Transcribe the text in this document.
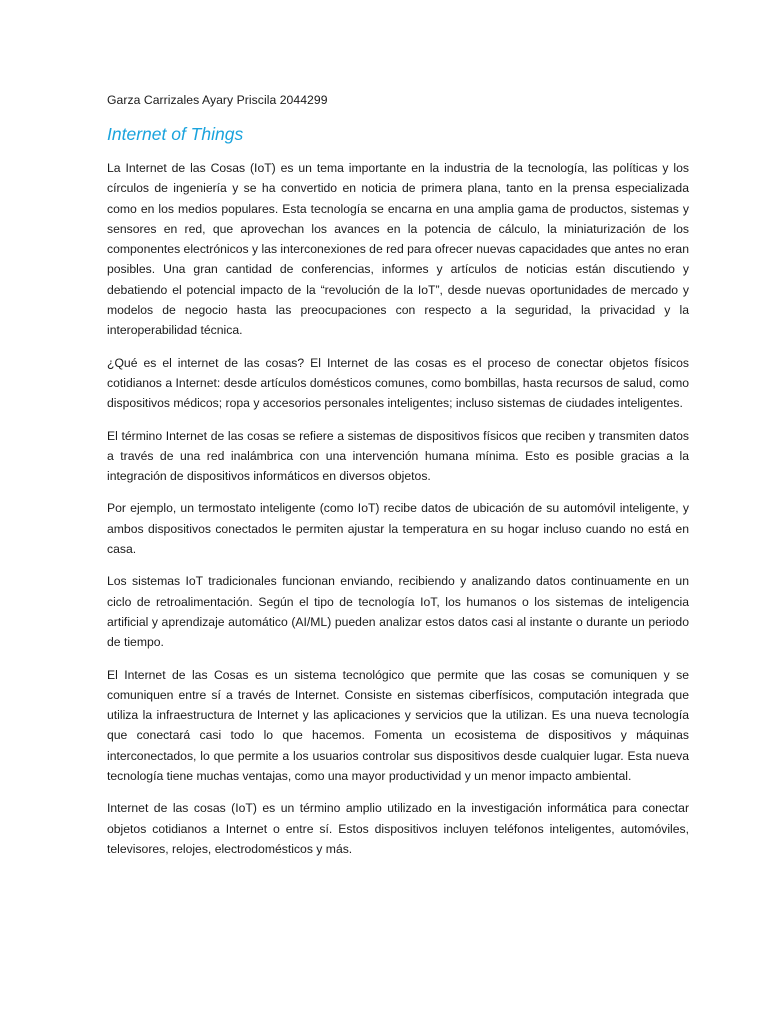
Garza Carrizales Ayary Priscila 2044299
Internet of Things

La Internet de las Cosas (IoT) es un tema importante en la industria de la tecnología, las políticas y los círculos de ingeniería y se ha convertido en noticia de primera plana, tanto en la prensa especializada como en los medios populares. Esta tecnología se encarna en una amplia gama de productos, sistemas y sensores en red, que aprovechan los avances en la potencia de cálculo, la miniaturización de los componentes electrónicos y las interconexiones de red para ofrecer nuevas capacidades que antes no eran posibles. Una gran cantidad de conferencias, informes y artículos de noticias están discutiendo y debatiendo el potencial impacto de la “revolución de la IoT”, desde nuevas oportunidades de mercado y modelos de negocio hasta las preocupaciones con respecto a la seguridad, la privacidad y la interoperabilidad técnica.

¿Qué es el internet de las cosas? El Internet de las cosas es el proceso de conectar objetos físicos cotidianos a Internet: desde artículos domésticos comunes, como bombillas, hasta recursos de salud, como dispositivos médicos; ropa y accesorios personales inteligentes; incluso sistemas de ciudades inteligentes.

El término Internet de las cosas se refiere a sistemas de dispositivos físicos que reciben y transmiten datos a través de una red inalámbrica con una intervención humana mínima. Esto es posible gracias a la integración de dispositivos informáticos en diversos objetos.

Por ejemplo, un termostato inteligente (como IoT) recibe datos de ubicación de su automóvil inteligente, y ambos dispositivos conectados le permiten ajustar la temperatura en su hogar incluso cuando no está en casa.

Los sistemas IoT tradicionales funcionan enviando, recibiendo y analizando datos continuamente en un ciclo de retroalimentación. Según el tipo de tecnología IoT, los humanos o los sistemas de inteligencia artificial y aprendizaje automático (AI/ML) pueden analizar estos datos casi al instante o durante un periodo de tiempo.

El Internet de las Cosas es un sistema tecnológico que permite que las cosas se comuniquen y se comuniquen entre sí a través de Internet. Consiste en sistemas ciberfísicos, computación integrada que utiliza la infraestructura de Internet y las aplicaciones y servicios que la utilizan. Es una nueva tecnología que conectará casi todo lo que hacemos. Fomenta un ecosistema de dispositivos y máquinas interconectados, lo que permite a los usuarios controlar sus dispositivos desde cualquier lugar. Esta nueva tecnología tiene muchas ventajas, como una mayor productividad y un menor impacto ambiental.

Internet de las cosas (IoT) es un término amplio utilizado en la investigación informática para conectar objetos cotidianos a Internet o entre sí. Estos dispositivos incluyen teléfonos inteligentes, automóviles, televisores, relojes, electrodomésticos y más.
